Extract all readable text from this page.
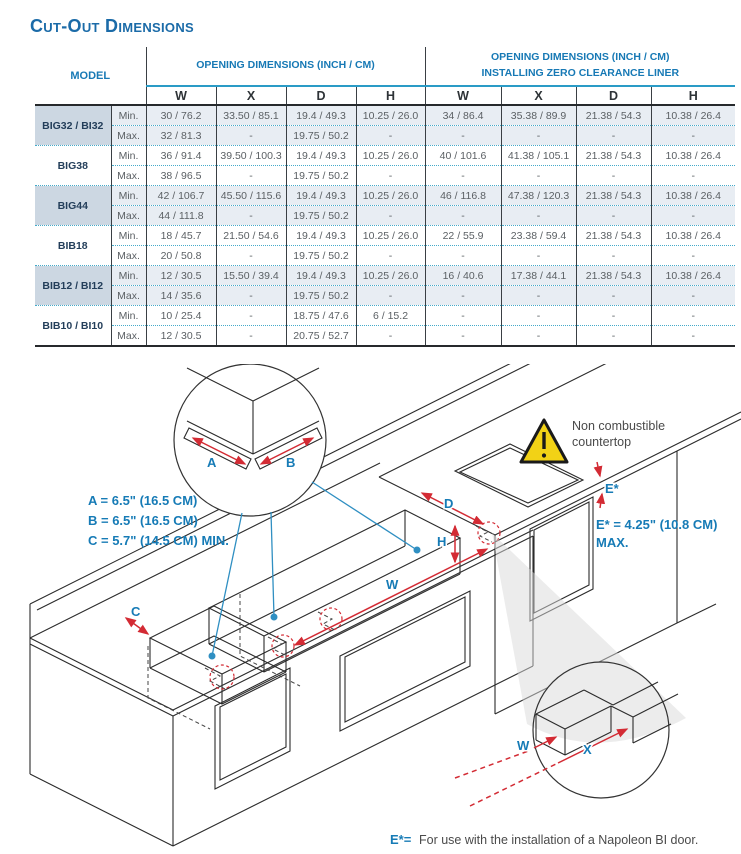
Cut-Out Dimensions
MODEL		OPENING DIMENSIONS (INCH / CM)				OPENING DIMENSIONS (INCH / CM)
INSTALLING ZERO CLEARANCE LINER			

		W	X	D	H	W	X	D	H
BIG32 / BI32	Min.	30 / 76.2	33.50 / 85.1	19.4 / 49.3	10.25 / 26.0	34 / 86.4	35.38 / 89.9	21.38 / 54.3	10.38 / 26.4
	Max.	32 / 81.3	-	19.75 / 50.2	-	-	-	-	-
BIG38	Min.	36 / 91.4	39.50 / 100.3	19.4 / 49.3	10.25 / 26.0	40 / 101.6	41.38 / 105.1	21.38 / 54.3	10.38 / 26.4
	Max.	38 / 96.5	-	19.75 / 50.2	-	-	-	-	-
BIG44	Min.	42 / 106.7	45.50 / 115.6	19.4 / 49.3	10.25 / 26.0	46 / 116.8	47.38 / 120.3	21.38 / 54.3	10.38 / 26.4
	Max.	44 / 111.8	-	19.75 / 50.2	-	-	-	-	-
BIB18	Min.	18 / 45.7	21.50 / 54.6	19.4 / 49.3	10.25 / 26.0	22 / 55.9	23.38 / 59.4	21.38 / 54.3	10.38 / 26.4
	Max.	20 / 50.8	-	19.75 / 50.2	-	-	-	-	-
BIB12 / BI12	Min.	12 / 30.5	15.50 / 39.4	19.4 / 49.3	10.25 / 26.0	16 / 40.6	17.38 / 44.1	21.38 / 54.3	10.38 / 26.4
	Max.	14 / 35.6	-	19.75 / 50.2	-	-	-	-	-
BIB10 / BI10	Min.	10 / 25.4	-	18.75 / 47.6	6 / 15.2	-	-	-	-
	Max.	12 / 30.5	-	20.75 / 52.7	-	-	-	-	-
W	X
A	B
C
D
H
W
E*
Non combustible
countertop
A = 6.5" (16.5 CM)
B = 6.5" (16.5 CM)
C = 5.7" (14.5 CM) MIN.
E* = 4.25" (10.8 CM)
MAX.
E*= For use with the installation of a Napoleon BI door.
